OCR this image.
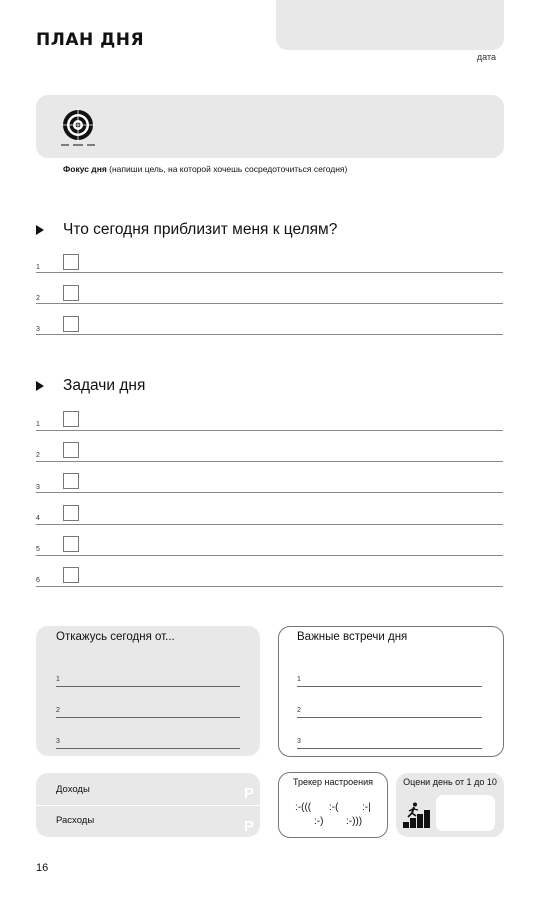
ПЛАН ДНЯ
дата
Фокус дня (напиши цель, на которой хочешь сосредоточиться сегодня)
Что сегодня приблизит меня к целям?
1
2
3
Задачи дня
1
2
3
4
5
6
Откажусь сегодня от...
1
2
3
Важные встречи дня
1
2
3
Доходы	Р
Расходы	Р
Трекер настроения
:-((( :-( :-|
:-) :-)))
Оцени день от 1 до 10
16
